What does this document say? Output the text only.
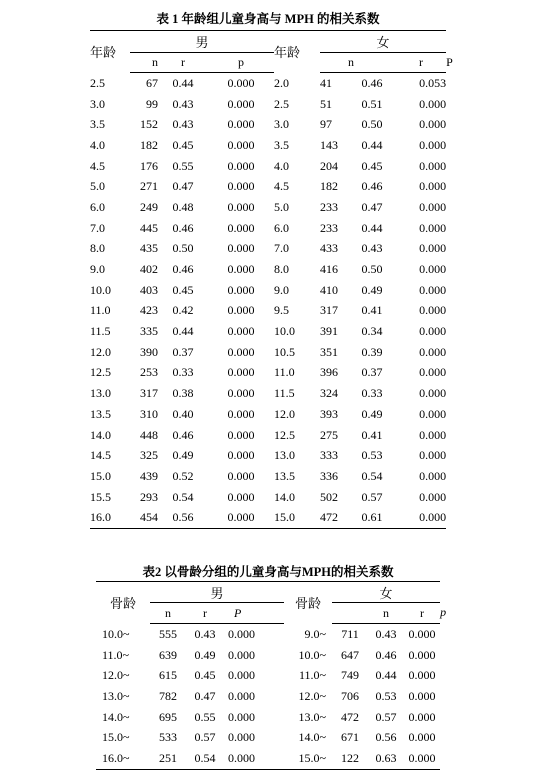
表 1 年龄组儿童身高与 MPH 的相关系数
年龄	男			年龄	女			
	n	r	p			n	r	P
2.5	67	0.44	0.000	2.0	41	0.46	0.053	
3.0	99	0.43	0.000	2.5	51	0.51	0.000	
3.5	152	0.43	0.000	3.0	97	0.50	0.000	
4.0	182	0.45	0.000	3.5	143	0.44	0.000	
4.5	176	0.55	0.000	4.0	204	0.45	0.000	
5.0	271	0.47	0.000	4.5	182	0.46	0.000	
6.0	249	0.48	0.000	5.0	233	0.47	0.000	
7.0	445	0.46	0.000	6.0	233	0.44	0.000	
8.0	435	0.50	0.000	7.0	433	0.43	0.000	
9.0	402	0.46	0.000	8.0	416	0.50	0.000	
10.0	403	0.45	0.000	9.0	410	0.49	0.000	
11.0	423	0.42	0.000	9.5	317	0.41	0.000	
11.5	335	0.44	0.000	10.0	391	0.34	0.000	
12.0	390	0.37	0.000	10.5	351	0.39	0.000	
12.5	253	0.33	0.000	11.0	396	0.37	0.000	
13.0	317	0.38	0.000	11.5	324	0.33	0.000	
13.5	310	0.40	0.000	12.0	393	0.49	0.000	
14.0	448	0.46	0.000	12.5	275	0.41	0.000	
14.5	325	0.49	0.000	13.0	333	0.53	0.000	
15.0	439	0.52	0.000	13.5	336	0.54	0.000	
15.5	293	0.54	0.000	14.0	502	0.57	0.000	
16.0	454	0.56	0.000	15.0	472	0.61	0.000	
表2 以骨龄分组的儿童身高与MPH的相关系数
骨龄	男			骨龄	女			
	n	r	P			n	r	p
10.0~	555	0.43	0.000	9.0~	711	0.43	0.000	
11.0~	639	0.49	0.000	10.0~	647	0.46	0.000	
12.0~	615	0.45	0.000	11.0~	749	0.44	0.000	
13.0~	782	0.47	0.000	12.0~	706	0.53	0.000	
14.0~	695	0.55	0.000	13.0~	472	0.57	0.000	
15.0~	533	0.57	0.000	14.0~	671	0.56	0.000	
16.0~	251	0.54	0.000	15.0~	122	0.63	0.000	
